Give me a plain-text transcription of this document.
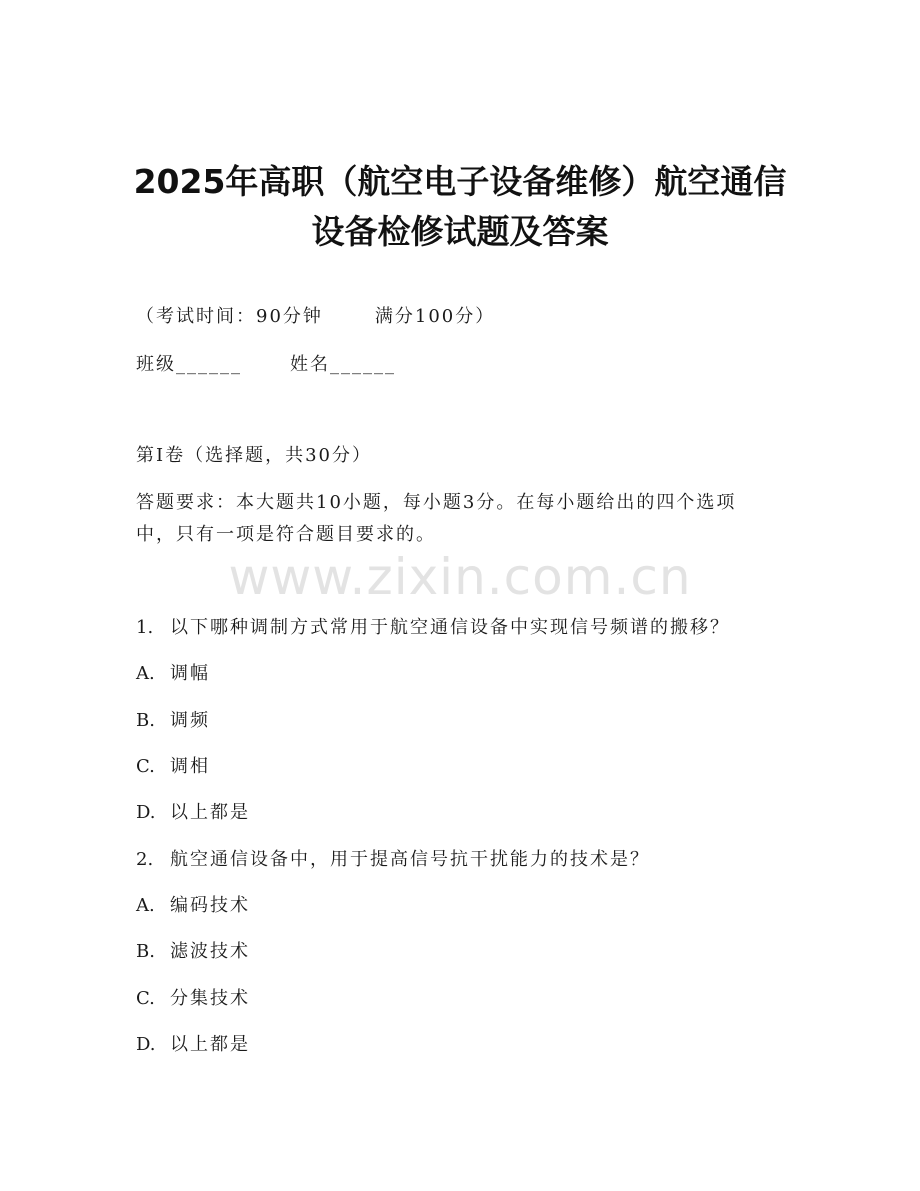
2025年高职（航空电子设备维修）航空通信
设备检修试题及答案
（考试时间：90分钟	满分100分）
班级______	姓名______
第I卷（选择题，共30分）
答题要求：本大题共10小题，每小题3分。在每小题给出的四个选项
中，只有一项是符合题目要求的。
www.zixin.com.cn
1. 以下哪种调制方式常用于航空通信设备中实现信号频谱的搬移？
A. 调幅
B. 调频
C. 调相
D. 以上都是
2. 航空通信设备中，用于提高信号抗干扰能力的技术是？
A. 编码技术
B. 滤波技术
C. 分集技术
D. 以上都是
